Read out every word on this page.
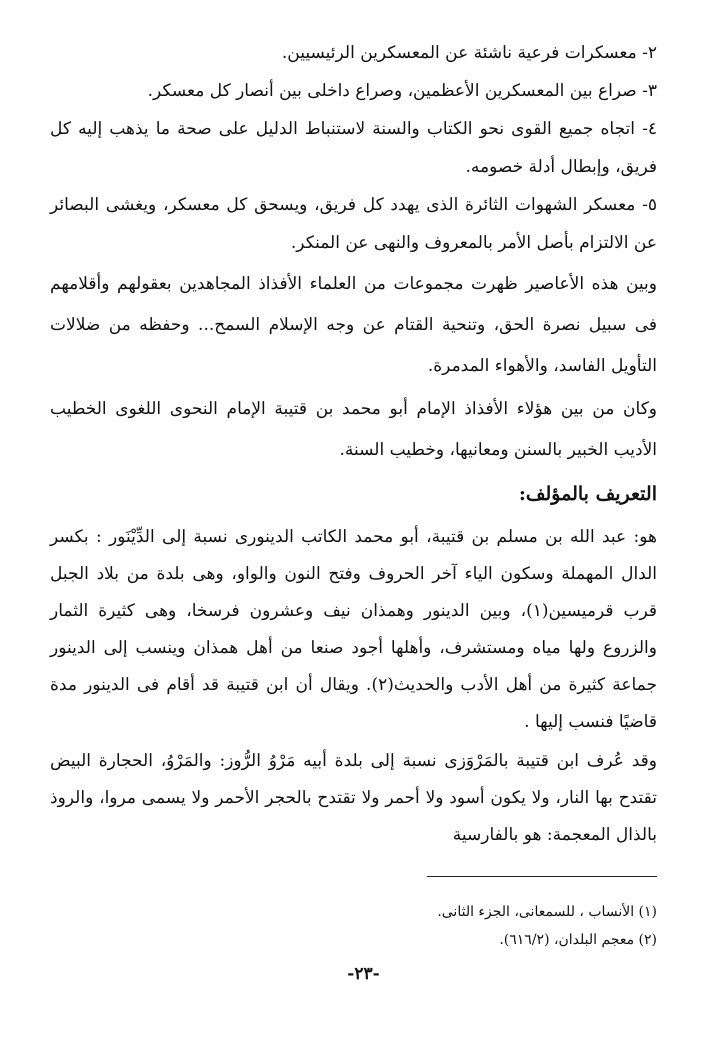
٢- معسكرات فرعية ناشئة عن المعسكرين الرئيسيين.

٣- صراع بين المعسكرين الأعظمين، وصراع داخلى بين أنصار كل معسكر.

٤- اتجاه جميع القوى نحو الكتاب والسنة لاستنباط الدليل على صحة ما يذهب إليه كل فريق، وإبطال أدلة خصومه.

٥- معسكر الشهوات الثائرة الذى يهدد كل فريق، ويسحق كل معسكر، ويغشى البصائر عن الالتزام بأصل الأمر بالمعروف والنهى عن المنكر.

وبين هذه الأعاصير ظهرت مجموعات من العلماء الأفذاذ المجاهدين بعقولهم وأقلامهم فى سبيل نصرة الحق، وتنحية القتام عن وجه الإسلام السمح... وحفظه من ضلالات التأويل الفاسد، والأهواء المدمرة.

وكان من بين هؤلاء الأفذاذ الإمام أبو محمد بن قتيبة الإمام النحوى اللغوى الخطيب الأديب الخبير بالسنن ومعانيها، وخطيب السنة.

التعريف بالمؤلف:

هو: عبد الله بن مسلم بن قتيبة، أبو محمد الكاتب الدينورى نسبة إلى الدِّيْنَور : بكسر الدال المهملة وسكون الياء آخر الحروف وفتح النون والواو، وهى بلدة من بلاد الجبل قرب قرميسين(١)، وبين الدينور وهمذان نيف وعشرون فرسخا، وهى كثيرة الثمار والزروع ولها مياه ومستشرف، وأهلها أجود صنعا من أهل همذان وينسب إلى الدينور جماعة كثيرة من أهل الأدب والحديث(٢). ويقال أن ابن قتيبة قد أقام فى الدينور مدة قاضيًا فنسب إليها .

وقد عُرف ابن قتيبة بالمَرْوَزى نسبة إلى بلدة أبيه مَرْوُ الرُّوز: والمَرْوُ، الحجارة البيض تقتدح بها النار، ولا يكون أسود ولا أحمر ولا تقتدح بالحجر الأحمر ولا يسمى مروا، والروذ بالذال المعجمة: هو بالفارسية

(١) الأنساب ، للسمعانى، الجزء الثانى.

(٢) معجم البلدان، (٦١٦/٢).

-٢٣-
